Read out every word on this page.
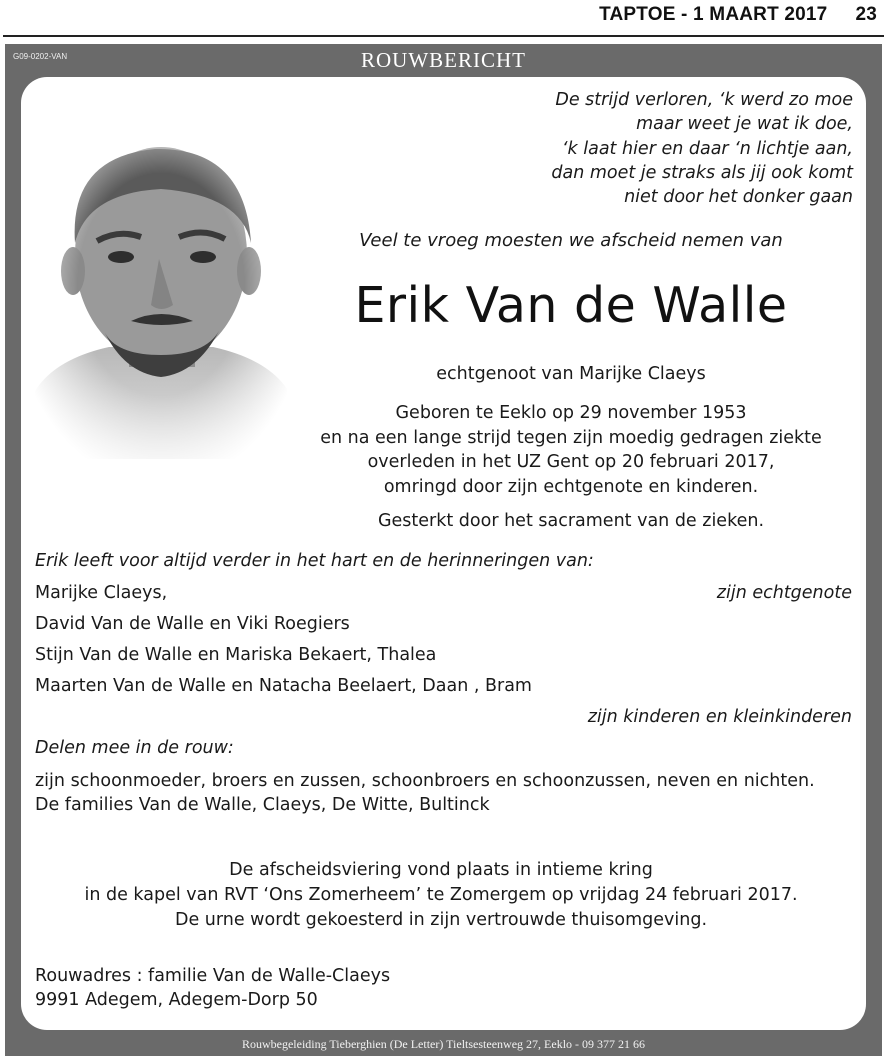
TAPTOE - 1 MAART 2017 23
G09-0202-VAN	ROUWBERICHT
De strijd verloren, ‘k werd zo moe
maar weet je wat ik doe,
‘k laat hier en daar ‘n lichtje aan,
dan moet je straks als jij ook komt
niet door het donker gaan
Veel te vroeg moesten we afscheid nemen van
Erik Van de Walle
echtgenoot van Marijke Claeys
Geboren te Eeklo op 29 november 1953
en na een lange strijd tegen zijn moedig gedragen ziekte
overleden in het UZ Gent op 20 februari 2017,
omringd door zijn echtgenote en kinderen.
Gesterkt door het sacrament van de zieken.
Erik leeft voor altijd verder in het hart en de herinneringen van:
Marijke Claeys,	zijn echtgenote
David Van de Walle en Viki Roegiers
Stijn Van de Walle en Mariska Bekaert, Thalea
Maarten Van de Walle en Natacha Beelaert, Daan , Bram
zijn kinderen en kleinkinderen
Delen mee in de rouw:
zijn schoonmoeder, broers en zussen, schoonbroers en schoonzussen, neven en nichten.
De families Van de Walle, Claeys, De Witte, Bultinck
De afscheidsviering vond plaats in intieme kring
in de kapel van RVT ‘Ons Zomerheem’ te Zomergem op vrijdag 24 februari 2017.
De urne wordt gekoesterd in zijn vertrouwde thuisomgeving.
Rouwadres : familie Van de Walle-Claeys
9991 Adegem, Adegem-Dorp 50
Rouwbegeleiding Tieberghien (De Letter) Tieltsesteenweg 27, Eeklo - 09 377 21 66
